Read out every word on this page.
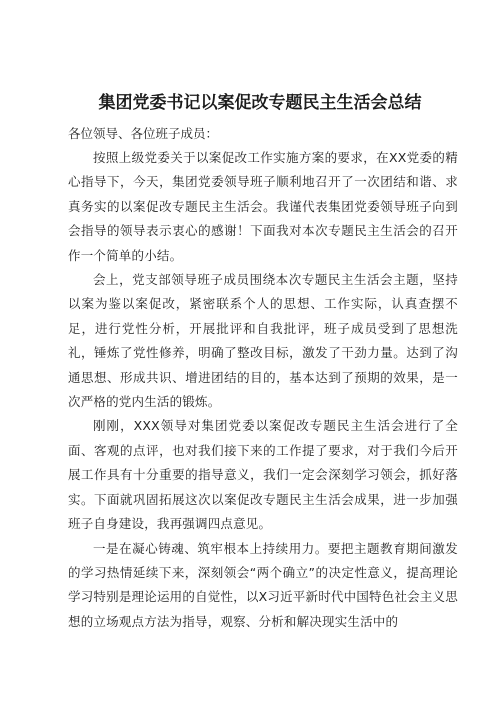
集团党委书记以案促改专题民主生活会总结

各位领导、各位班子成员：

按照上级党委关于以案促改工作实施方案的要求，在XX党委的精心指导下，今天，集团党委领导班子顺利地召开了一次团结和谐、求真务实的以案促改专题民主生活会。我谨代表集团党委领导班子向到会指导的领导表示衷心的感谢！下面我对本次专题民主生活会的召开作一个简单的小结。

会上，党支部领导班子成员围绕本次专题民主生活会主题，坚持以案为鉴以案促改，紧密联系个人的思想、工作实际，认真查摆不足，进行党性分析，开展批评和自我批评，班子成员受到了思想洗礼，锤炼了党性修养，明确了整改目标，激发了干劲力量。达到了沟通思想、形成共识、增进团结的目的，基本达到了预期的效果，是一次严格的党内生活的锻炼。

刚刚，XXX领导对集团党委以案促改专题民主生活会进行了全面、客观的点评，也对我们接下来的工作提了要求，对于我们今后开展工作具有十分重要的指导意义，我们一定会深刻学习领会，抓好落实。下面就巩固拓展这次以案促改专题民主生活会成果，进一步加强班子自身建设，我再强调四点意见。

一是在凝心铸魂、筑牢根本上持续用力。要把主题教育期间激发的学习热情延续下来，深刻领会“两个确立”的决定性意义，提高理论学习特别是理论运用的自觉性，以X习近平新时代中国特色社会主义思想的立场观点方法为指导，观察、分析和解决现实生活中的
